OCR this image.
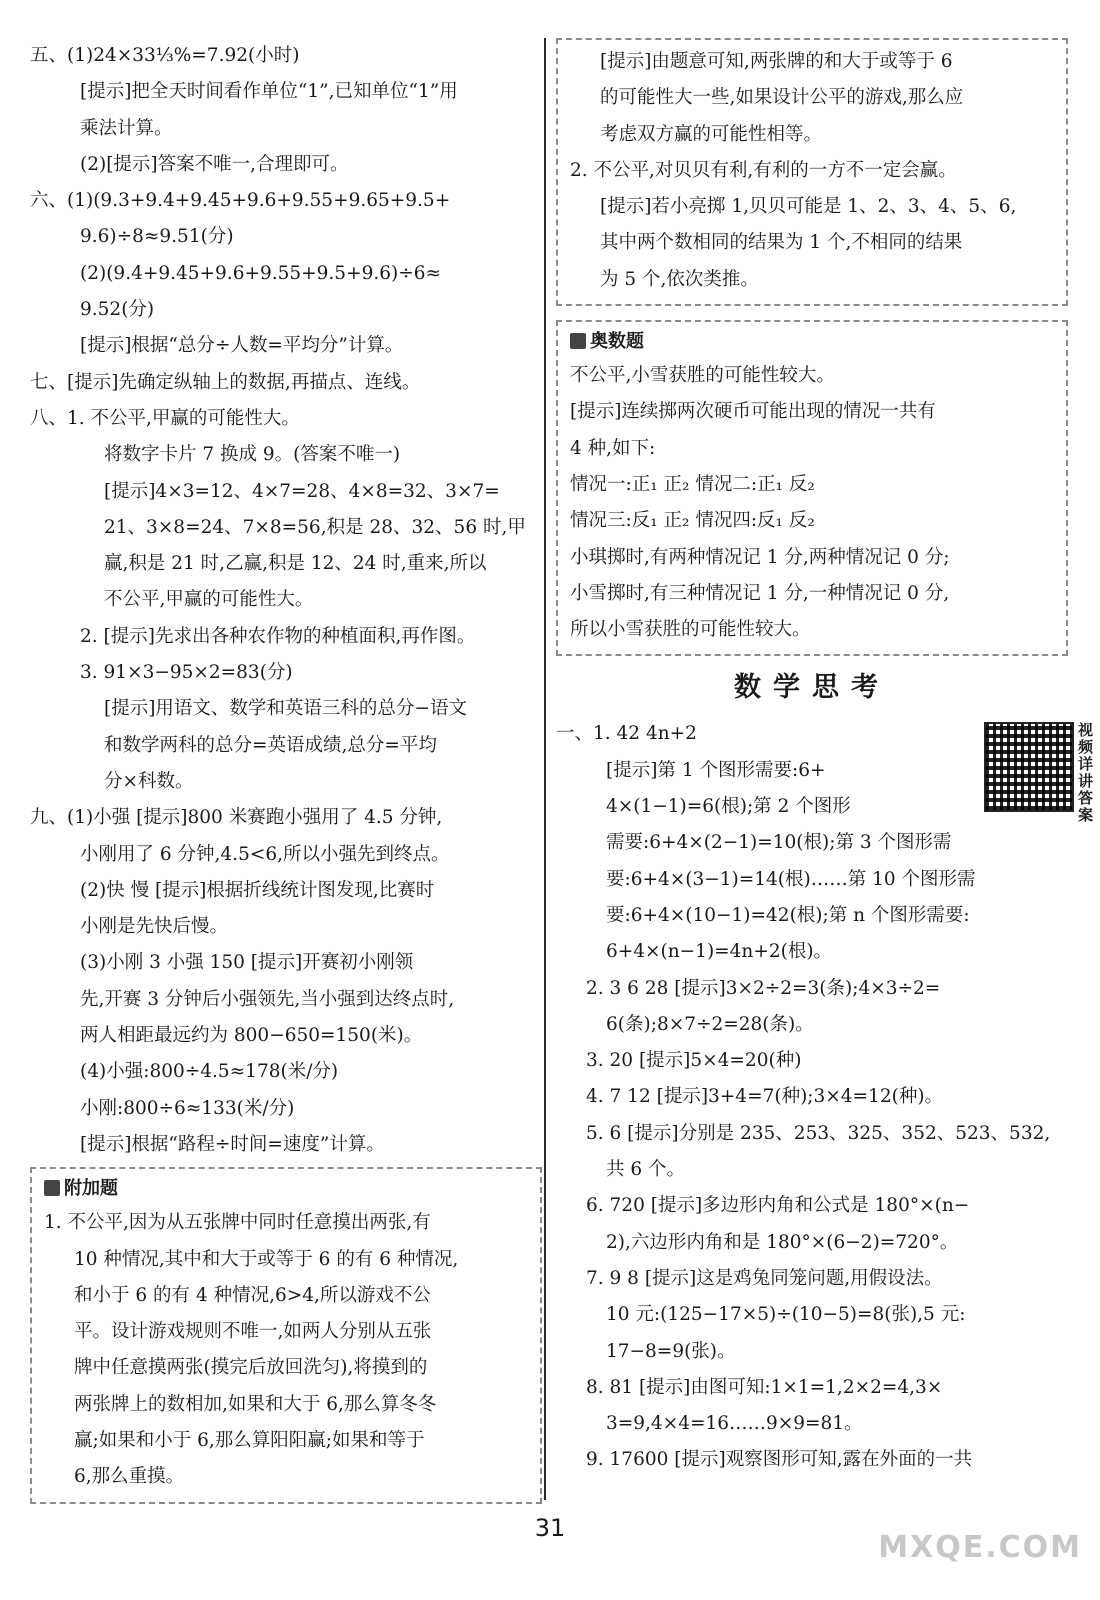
五、(1)24×33⅓%=7.92(小时)

[提示]把全天时间看作单位“1”,已知单位“1”用

乘法计算。

(2)[提示]答案不唯一,合理即可。

六、(1)(9.3+9.4+9.45+9.6+9.55+9.65+9.5+

9.6)÷8≈9.51(分)

(2)(9.4+9.45+9.6+9.55+9.5+9.6)÷6≈

9.52(分)

[提示]根据“总分÷人数=平均分”计算。

七、[提示]先确定纵轴上的数据,再描点、连线。

八、1. 不公平,甲赢的可能性大。

将数字卡片 7 换成 9。(答案不唯一)

[提示]4×3=12、4×7=28、4×8=32、3×7=

21、3×8=24、7×8=56,积是 28、32、56 时,甲

赢,积是 21 时,乙赢,积是 12、24 时,重来,所以

不公平,甲赢的可能性大。

2. [提示]先求出各种农作物的种植面积,再作图。

3. 91×3−95×2=83(分)

[提示]用语文、数学和英语三科的总分−语文

和数学两科的总分=英语成绩,总分=平均

分×科数。

九、(1)小强 [提示]800 米赛跑小强用了 4.5 分钟,

小刚用了 6 分钟,4.5<6,所以小强先到终点。

(2)快 慢 [提示]根据折线统计图发现,比赛时

小刚是先快后慢。

(3)小刚 3 小强 150 [提示]开赛初小刚领

先,开赛 3 分钟后小强领先,当小强到达终点时,

两人相距最远约为 800−650=150(米)。

(4)小强:800÷4.5≈178(米/分)

小刚:800÷6≈133(米/分)

[提示]根据“路程÷时间=速度”计算。

附加题

1. 不公平,因为从五张牌中同时任意摸出两张,有

10 种情况,其中和大于或等于 6 的有 6 种情况,

和小于 6 的有 4 种情况,6>4,所以游戏不公

平。设计游戏规则不唯一,如两人分别从五张

牌中任意摸两张(摸完后放回洗匀),将摸到的

两张牌上的数相加,如果和大于 6,那么算冬冬

赢;如果和小于 6,那么算阳阳赢;如果和等于

6,那么重摸。

[提示]由题意可知,两张牌的和大于或等于 6

的可能性大一些,如果设计公平的游戏,那么应

考虑双方赢的可能性相等。

2. 不公平,对贝贝有利,有利的一方不一定会赢。

[提示]若小亮掷 1,贝贝可能是 1、2、3、4、5、6,

其中两个数相同的结果为 1 个,不相同的结果

为 5 个,依次类推。

奥数题

不公平,小雪获胜的可能性较大。

[提示]连续掷两次硬币可能出现的情况一共有

4 种,如下:

情况一:正₁ 正₂ 情况二:正₁ 反₂

情况三:反₁ 正₂ 情况四:反₁ 反₂

小琪掷时,有两种情况记 1 分,两种情况记 0 分;

小雪掷时,有三种情况记 1 分,一种情况记 0 分,

所以小雪获胜的可能性较大。

数学思考

一、1. 42 4n+2

[提示]第 1 个图形需要:6+

4×(1−1)=6(根);第 2 个图形

需要:6+4×(2−1)=10(根);第 3 个图形需

要:6+4×(3−1)=14(根)……第 10 个图形需

要:6+4×(10−1)=42(根);第 n 个图形需要:

6+4×(n−1)=4n+2(根)。

2. 3 6 28 [提示]3×2÷2=3(条);4×3÷2=

6(条);8×7÷2=28(条)。

3. 20 [提示]5×4=20(种)

4. 7 12 [提示]3+4=7(种);3×4=12(种)。

5. 6 [提示]分别是 235、253、325、352、523、532,

共 6 个。

6. 720 [提示]多边形内角和公式是 180°×(n−

2),六边形内角和是 180°×(6−2)=720°。

7. 9 8 [提示]这是鸡兔同笼问题,用假设法。

10 元:(125−17×5)÷(10−5)=8(张),5 元:

17−8=9(张)。

8. 81 [提示]由图可知:1×1=1,2×2=4,3×

3=9,4×4=16……9×9=81。

9. 17600 [提示]观察图形可知,露在外面的一共

视频详讲答案
31
MXQE.COM
